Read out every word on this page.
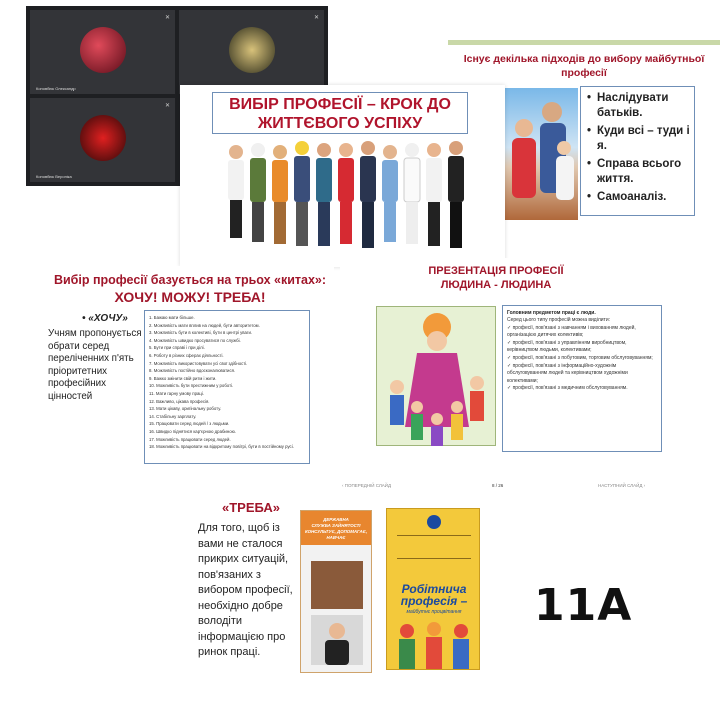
✕
Коновбюк Олександр
✕
✕
Коновбюк Вероніка
Існує декілька підходів до вибору майбутньої професії
• Наслідувати батьків.
• Куди всі – туди і я.
• Справа всього життя.
• Самоаналіз.
ВИБІР ПРОФЕСІЇ – КРОК ДО ЖИТТЄВОГО УСПІХУ
Вибір професії базується на трьох «китах»:
ХОЧУ! МОЖУ! ТРЕБА!
• «ХОЧУ»
Учням пропонується обрати серед переліченних п'ять пріоритетних професійних цінностей
1. Бажаю мати більше.
2. Можливість мати вплив на людей, бути авторитетом.
3. Можливість бути в колективі, бути в центрі уваги.
4. Можливість швидко просуватися по службі.
5. Бути при справі і при ділі.
6. Роботу в різних сферах діяльності.
7. Можливість використовувати усі свої здібності.
8. Можливість постійно вдосконалюватися.
9. Важко змінити свій ритм і жити.
10. Можливість бути престижним у роботі.
11. Мати гарну умову праці.
12. Важливо, цікава професія.
13. Мати цікаву, оригінальну роботу.
14. Стабільну зарплату.
15. Працювати серед людей / з людьми.
16. Швидко піднятися кар'єрною драбиною.
17. Можливість працювати серед людей.
18. Можливість працювати на відкритому повітрі, бути в постійному русі.
ПРЕЗЕНТАЦІЯ ПРОФЕСІЇ
ЛЮДИНА - ЛЮДИНА
Головним предметом праці є люди.
Серед цього типу професій можна виділити:
✓ професії, пов'язані з навчанням і вихованням людей, організацією дитячих колективів;
✓ професії, пов'язані з управлінням виробництвом, керівництвом людьми, колективами;
✓ професії, пов'язані з побутовим, торговим обслуговуванням;
✓ професії, пов'язані з інформаційно-художнім обслуговуванням людей та керівництвом художніми колективами;
✓ професії, пов'язані з медичним обслуговуванням.
‹ ПОПЕРЕДНІЙ СЛАЙД	8 / 26	НАСТУПНИЙ СЛАЙД ›
«ТРЕБА»
Для того, щоб із вами не сталося прикрих ситуацій, пов'язаних з вибором професії, необхідно добре володіти інформацією про ринок праці.
ДЕРЖАВНА
СЛУЖБА ЗАЙНЯТОСТІ
КОНСУЛЬТУЄ, ДОПОМАГАЄ,
НАВЧАЄ
Робітнича професія –
майбутнє процвітання	11А
